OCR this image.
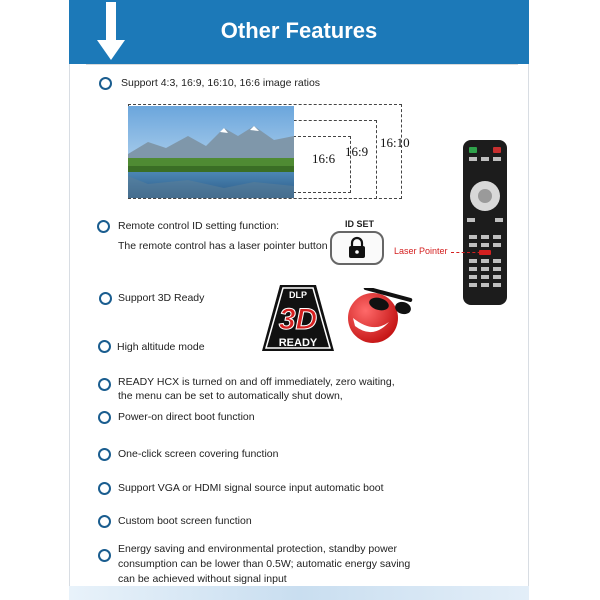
Other Features
Support 4:3, 16:9, 16:10, 16:6 image ratios
16:6 16:9
16:10
Remote control ID setting function:
The remote control has a laser pointer button
ID SET
Laser Pointer
Support 3D Ready	DLP
3D
READY
High altitude mode
READY HCX is turned on and off immediately, zero waiting,
the menu can be set to automatically shut down,
Power-on direct boot function
One-click screen covering function
Support VGA or HDMI signal source input automatic boot
Custom boot screen function
Energy saving and environmental protection, standby power
consumption can be lower than 0.5W; automatic energy saving
can be achieved without signal input
